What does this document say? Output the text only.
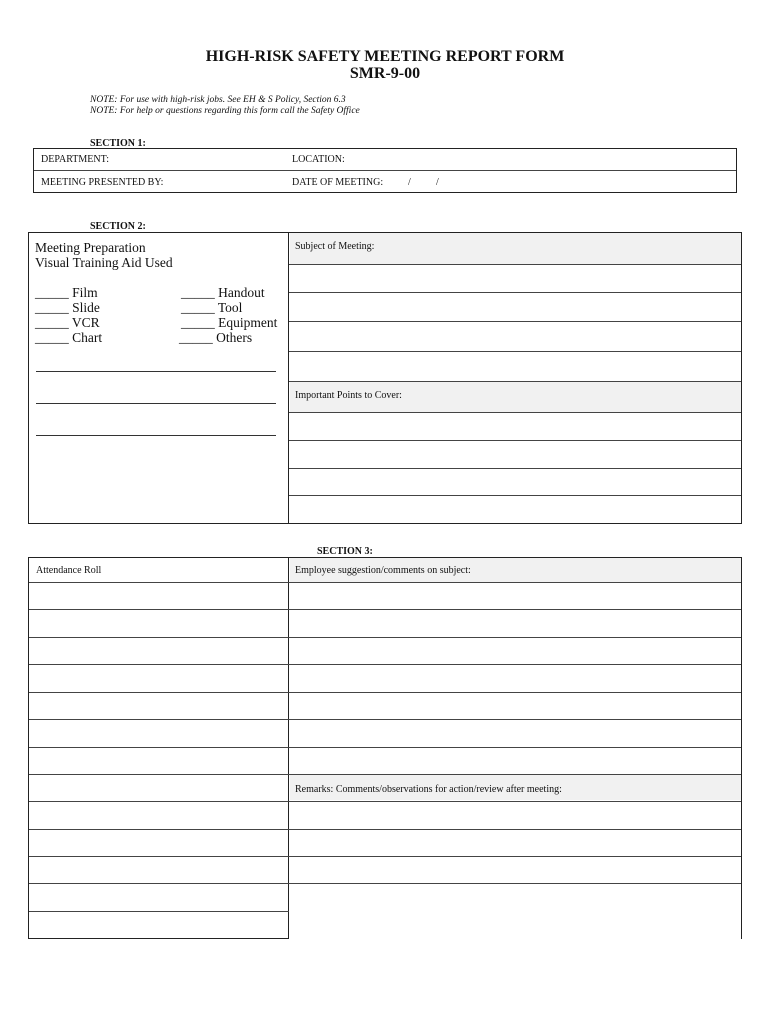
HIGH-RISK SAFETY MEETING REPORT FORM
SMR-9-00
NOTE: For use with high-risk jobs. See EH & S Policy, Section 6.3
NOTE: For help or questions regarding this form call the Safety Office
SECTION 1:
DEPARTMENT:	LOCATION:
MEETING PRESENTED BY:	DATE OF MEETING: /	/
SECTION 2:
Subject of Meeting:
Important Points to Cover:
Meeting Preparation
Visual Training Aid Used
_____ Film
_____ Slide
_____ VCR
_____ Chart
_____ Handout
_____ Tool
_____ Equipment
_____ Others
SECTION 3:
Attendance Roll	Employee suggestion/comments on subject:
Remarks: Comments/observations for action/review after meeting:
